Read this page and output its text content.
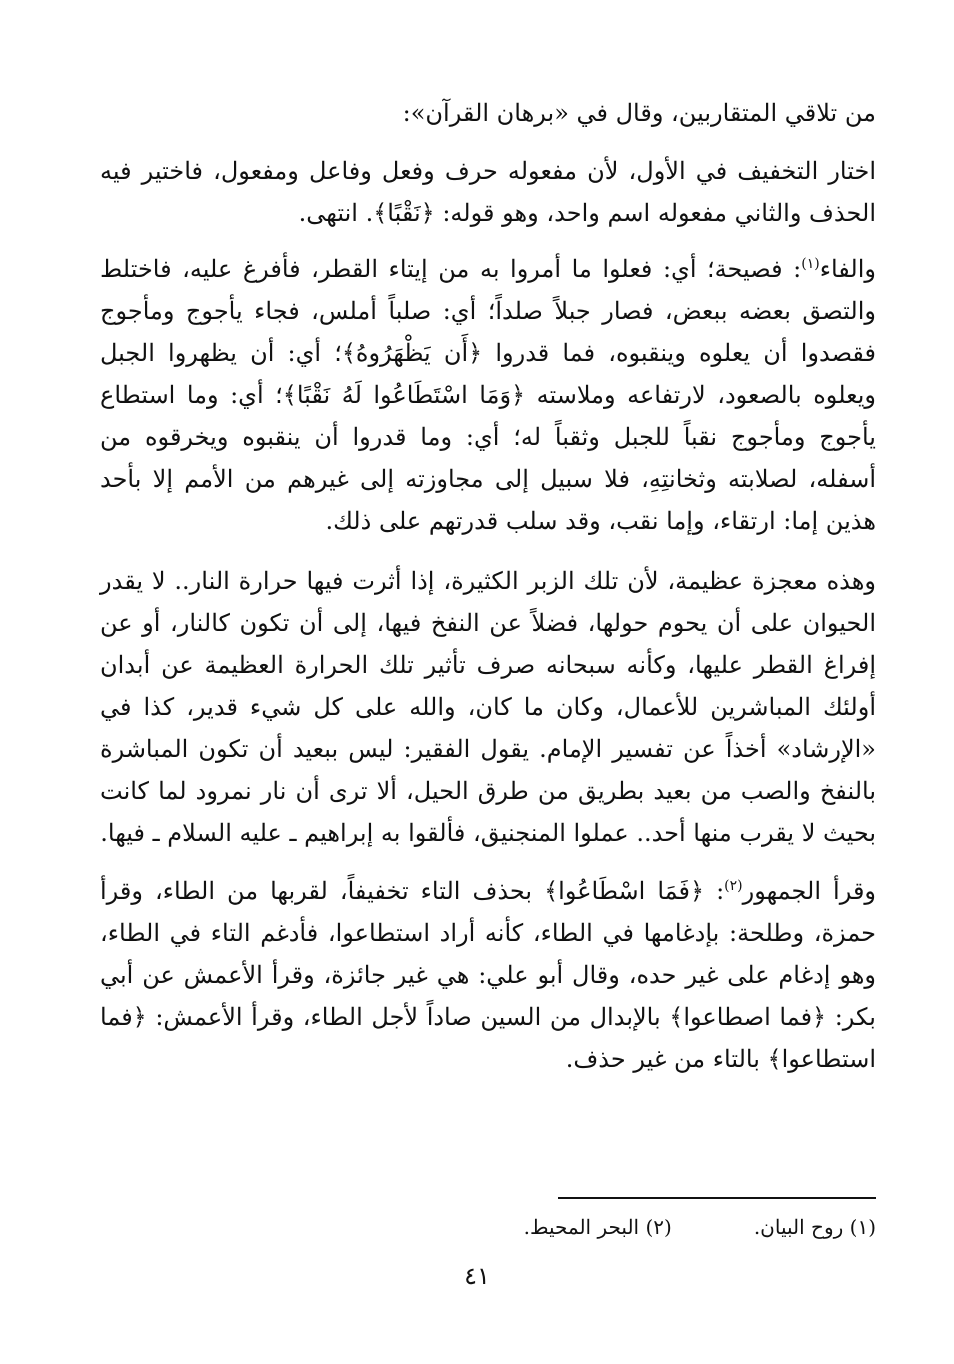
من تلاقي المتقاربين، وقال في «برهان القرآن»:

اختار التخفيف في الأول، لأن مفعوله حرف وفعل وفاعل ومفعول، فاختير فيه الحذف والثاني مفعوله اسم واحد، وهو قوله: ﴿نَقْبًا﴾. انتهى.

والفاء$^{(١)}$: فصيحة؛ أي: فعلوا ما أمروا به من إيتاء القطر، فأفرغ عليه، فاختلط والتصق بعضه ببعض، فصار جبلاً صلداً؛ أي: صلباً أملس، فجاء يأجوج ومأجوج فقصدوا أن يعلوه وينقبوه، فما قدروا ﴿أَن يَظْهَرُوهُ﴾؛ أي: أن يظهروا الجبل ويعلوه بالصعود، لارتفاعه وملاسته ﴿وَمَا اسْتَطَاعُوا لَهُ نَقْبًا﴾؛ أي: وما استطاع يأجوج ومأجوج نقباً للجبل وثقباً له؛ أي: وما قدروا أن ينقبوه ويخرقوه من أسفله، لصلابته وثخانتِهِ، فلا سبيل إلى مجاوزته إلى غيرهم من الأمم إلا بأحد هذين إما: ارتقاء، وإما نقب، وقد سلب قدرتهم على ذلك.

وهذه معجزة عظيمة، لأن تلك الزبر الكثيرة، إذا أثرت فيها حرارة النار.. لا يقدر الحيوان على أن يحوم حولها، فضلاً عن النفخ فيها، إلى أن تكون كالنار، أو عن إفراغ القطر عليها، وكأنه سبحانه صرف تأثير تلك الحرارة العظيمة عن أبدان أولئك المباشرين للأعمال، وكان ما كان، والله على كل شيء قدير، كذا في «الإرشاد» أخذاً عن تفسير الإمام. يقول الفقير: ليس ببعيد أن تكون المباشرة بالنفخ والصب من بعيد بطريق من طرق الحيل، ألا ترى أن نار نمرود لما كانت بحيث لا يقرب منها أحد.. عملوا المنجنيق، فألقوا به إبراهيم ـ عليه السلام ـ فيها.

وقرأ الجمهور$^{(٢)}$: ﴿فَمَا اسْطَاعُوا﴾ بحذف التاء تخفيفاً، لقربها من الطاء، وقرأ حمزة، وطلحة: بإدغامها في الطاء، كأنه أراد استطاعوا، فأدغم التاء في الطاء، وهو إدغام على غير حده، وقال أبو علي: هي غير جائزة، وقرأ الأعمش عن أبي بكر: ﴿فما اصطاعوا﴾ بالإبدال من السين صاداً لأجل الطاء، وقرأ الأعمش: ﴿فما استطاعوا﴾ بالتاء من غير حذف.

(١) روح البيان.(٢) البحر المحيط.
٤١
